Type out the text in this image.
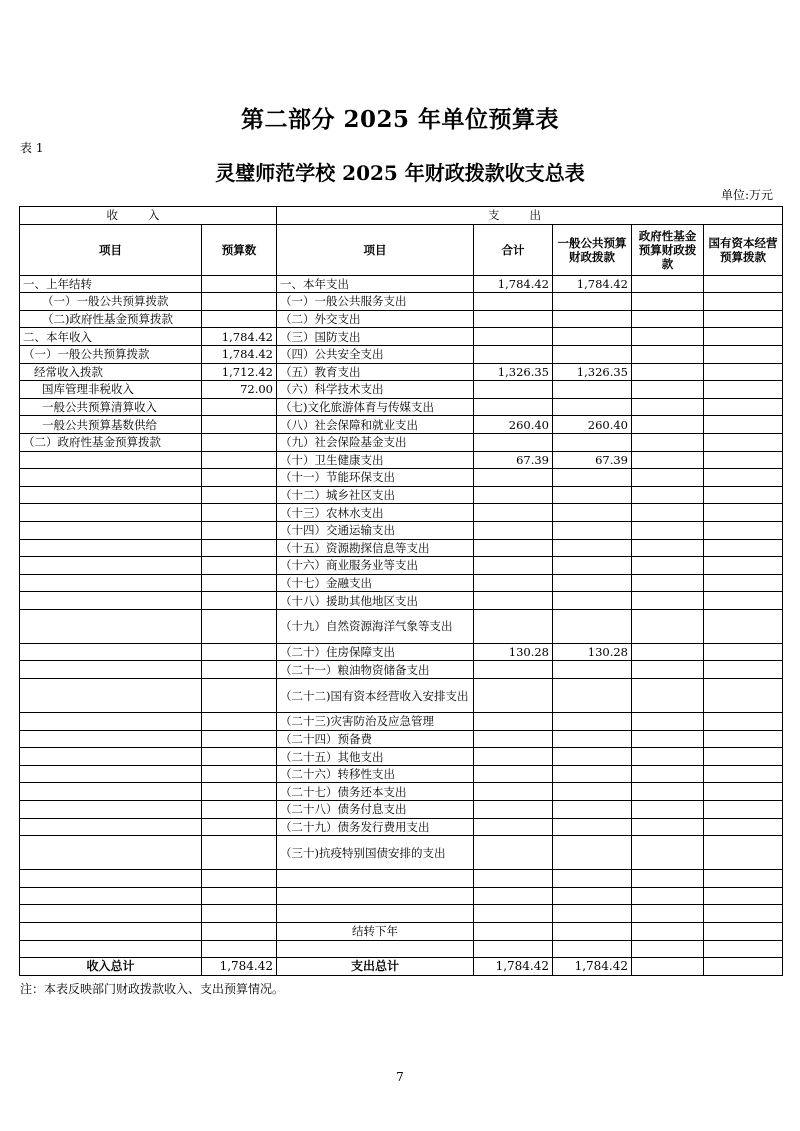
第二部分 2025 年单位预算表
表 1
灵璧师范学校 2025 年财政拨款收支总表
单位:万元
收入		支出				
项目	预算数	项目	合计	一般公共预算财政拨款	政府性基金预算财政拨款	国有资本经营预算拨款
一、上年结转		一、本年支出	1,784.42	1,784.42		
（一）一般公共预算拨款		（一）一般公共服务支出				
（二)政府性基金预算拨款		（二）外交支出				
二、本年收入	1,784.42	（三）国防支出				
（一）一般公共预算拨款	1,784.42	（四）公共安全支出				
经常收入拨款	1,712.42	（五）教育支出	1,326.35	1,326.35		
国库管理非税收入	72.00	（六）科学技术支出				
一般公共预算清算收入		（七)文化旅游体育与传媒支出				
一般公共预算基数供给		（八）社会保障和就业支出	260.40	260.40		
（二）政府性基金预算拨款		（九）社会保险基金支出				
		（十）卫生健康支出	67.39	67.39		
		（十一）节能环保支出				
		（十二）城乡社区支出				
		（十三）农林水支出				
		（十四）交通运输支出				
		（十五）资源勘探信息等支出				
		（十六）商业服务业等支出				
		（十七）金融支出				
		（十八）援助其他地区支出				
		（十九）自然资源海洋气象等支出				
		（二十）住房保障支出	130.28	130.28		
		（二十一）粮油物资储备支出				
		（二十二)国有资本经营收入安排支出				
		（二十三)灾害防治及应急管理				
		（二十四）预备费				
		（二十五）其他支出				
		（二十六）转移性支出				
		（二十七）债务还本支出				
		（二十八）债务付息支出				
		（二十九）债务发行费用支出				
		（三十)抗疫特别国债安排的支出				

		结转下年				

收入总计	1,784.42	支出总计	1,784.42	1,784.42		
注：本表反映部门财政拨款收入、支出预算情况。
7
